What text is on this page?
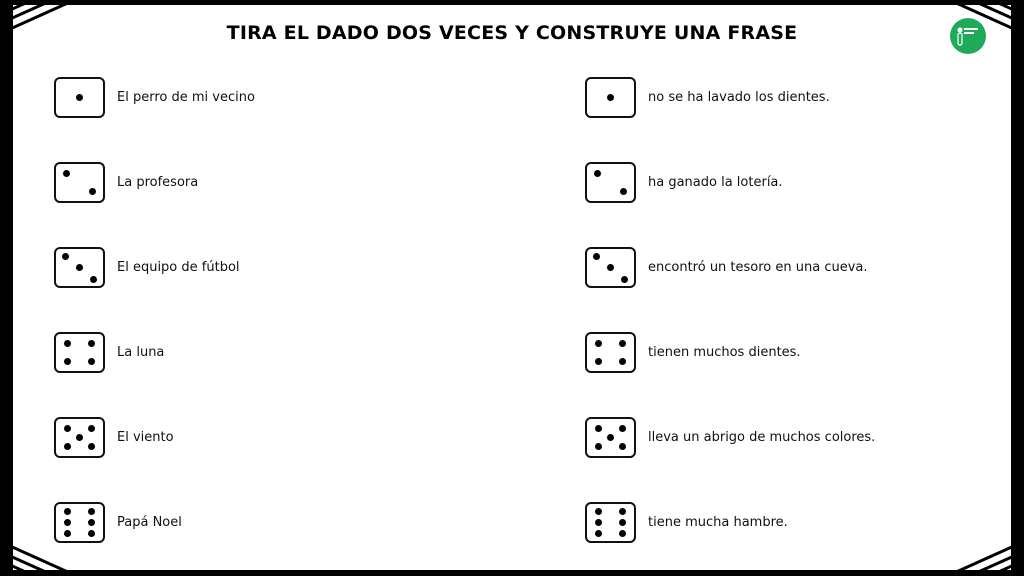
TIRA EL DADO DOS VECES Y CONSTRUYE UNA FRASE
El perro de mi vecino
La profesora
El equipo de fútbol
La luna
El viento
Papá Noel
no se ha lavado los dientes.
ha ganado la lotería.
encontró un tesoro en una cueva.
tienen muchos dientes.
lleva un abrigo de muchos colores.
tiene mucha hambre.
